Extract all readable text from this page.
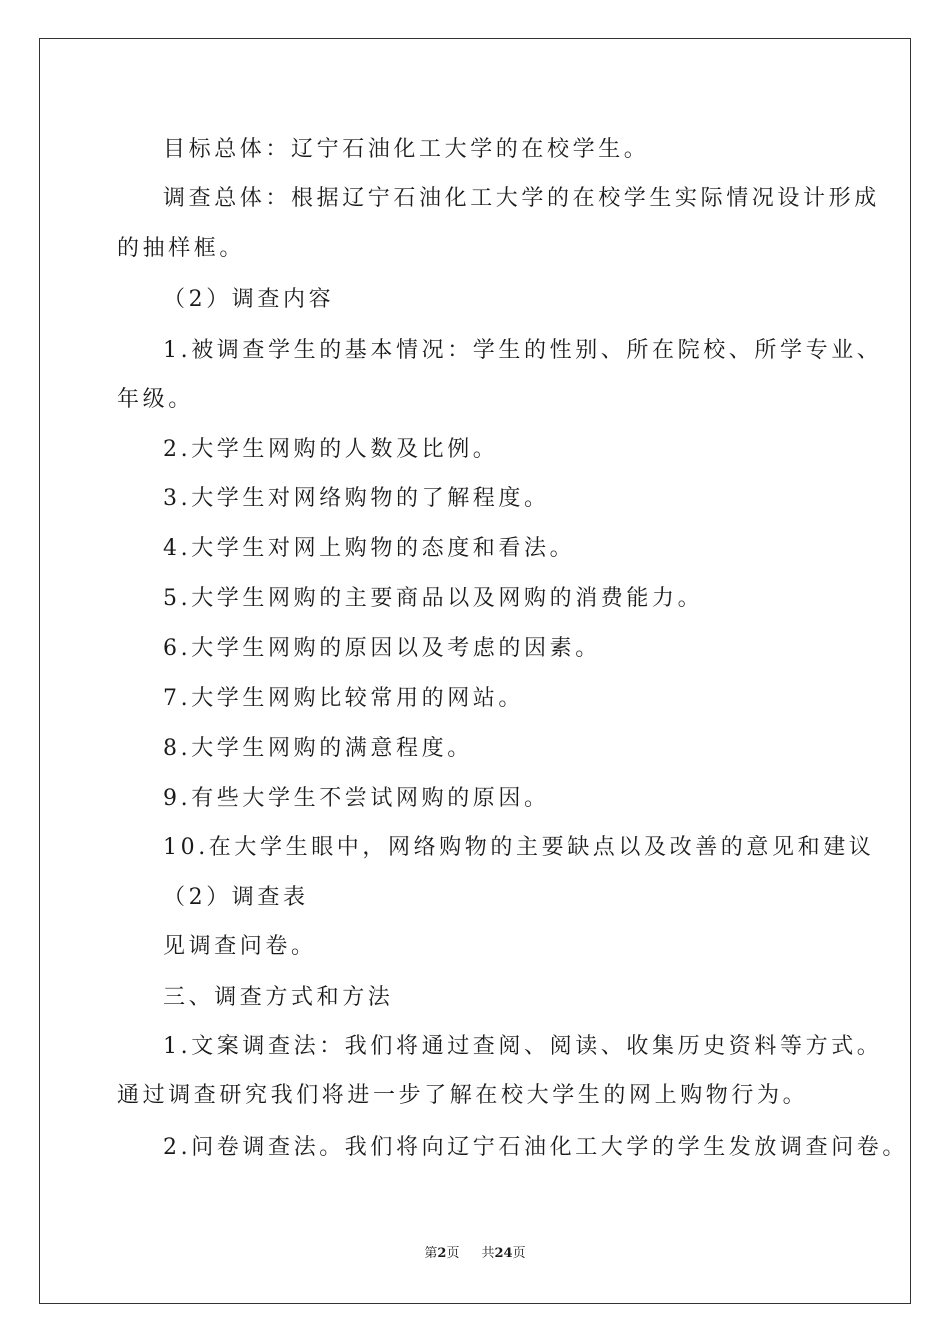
目标总体：辽宁石油化工大学的在校学生。
调查总体：根据辽宁石油化工大学的在校学生实际情况设计形成
的抽样框。
（2）调查内容
1.被调查学生的基本情况：学生的性别、所在院校、所学专业、
年级。
2.大学生网购的人数及比例。
3.大学生对网络购物的了解程度。
4.大学生对网上购物的态度和看法。
5.大学生网购的主要商品以及网购的消费能力。
6.大学生网购的原因以及考虑的因素。
7.大学生网购比较常用的网站。
8.大学生网购的满意程度。
9.有些大学生不尝试网购的原因。
10.在大学生眼中，网络购物的主要缺点以及改善的意见和建议
（2）调查表
见调查问卷。
三、调查方式和方法
1.文案调查法：我们将通过查阅、阅读、收集历史资料等方式。
通过调查研究我们将进一步了解在校大学生的网上购物行为。
2.问卷调查法。我们将向辽宁石油化工大学的学生发放调查问卷。
第2页 共24页
